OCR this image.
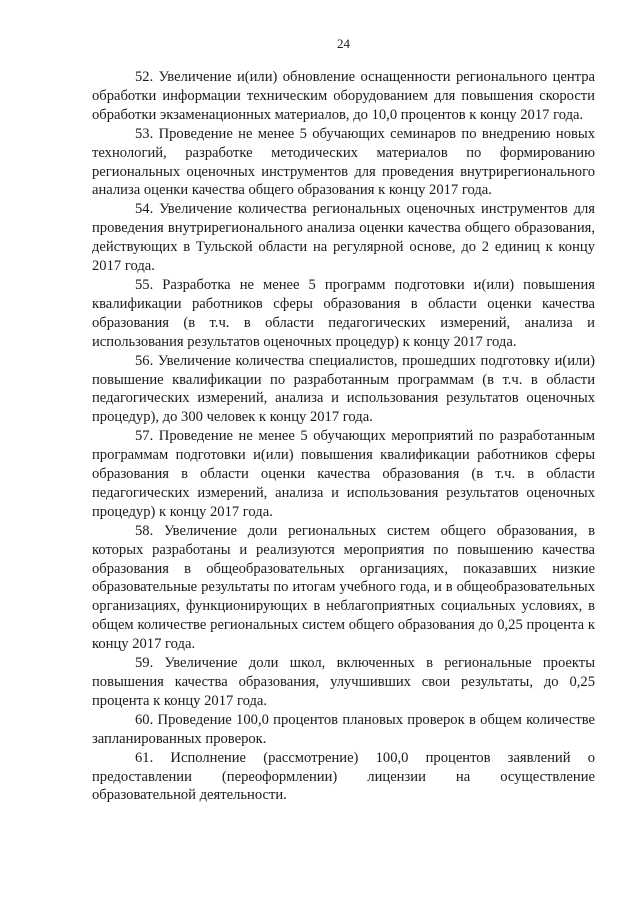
24

52. Увеличение и(или) обновление оснащенности регионального центра обработки информации техническим оборудованием для повышения скорости обработки экзаменационных материалов, до 10,0 процентов к концу 2017 года.

53. Проведение не менее 5 обучающих семинаров по внедрению новых технологий, разработке методических материалов по формированию региональных оценочных инструментов для проведения внутрирегионального анализа оценки качества общего образования к концу 2017 года.

54. Увеличение количества региональных оценочных инструментов для проведения внутрирегионального анализа оценки качества общего образования, действующих в Тульской области на регулярной основе, до 2 единиц к концу 2017 года.

55. Разработка не менее 5 программ подготовки и(или) повышения квалификации работников сферы образования в области оценки качества образования (в т.ч. в области педагогических измерений, анализа и использования результатов оценочных процедур) к концу 2017 года.

56. Увеличение количества специалистов, прошедших подготовку и(или) повышение квалификации по разработанным программам (в т.ч. в области педагогических измерений, анализа и использования результатов оценочных процедур), до 300 человек к концу 2017 года.

57. Проведение не менее 5 обучающих мероприятий по разработанным программам подготовки и(или) повышения квалификации работников сферы образования в области оценки качества образования (в т.ч. в области педагогических измерений, анализа и использования результатов оценочных процедур) к концу 2017 года.

58. Увеличение доли региональных систем общего образования, в которых разработаны и реализуются мероприятия по повышению качества образования в общеобразовательных организациях, показавших низкие образовательные результаты по итогам учебного года, и в общеобразовательных организациях, функционирующих в неблагоприятных социальных условиях, в общем количестве региональных систем общего образования до 0,25 процента к концу 2017 года.

59. Увеличение доли школ, включенных в региональные проекты повышения качества образования, улучшивших свои результаты, до 0,25 процента к концу 2017 года.

60. Проведение 100,0 процентов плановых проверок в общем количестве запланированных проверок.

61. Исполнение (рассмотрение) 100,0 процентов заявлений о предоставлении (переоформлении) лицензии на осуществление образовательной деятельности.
